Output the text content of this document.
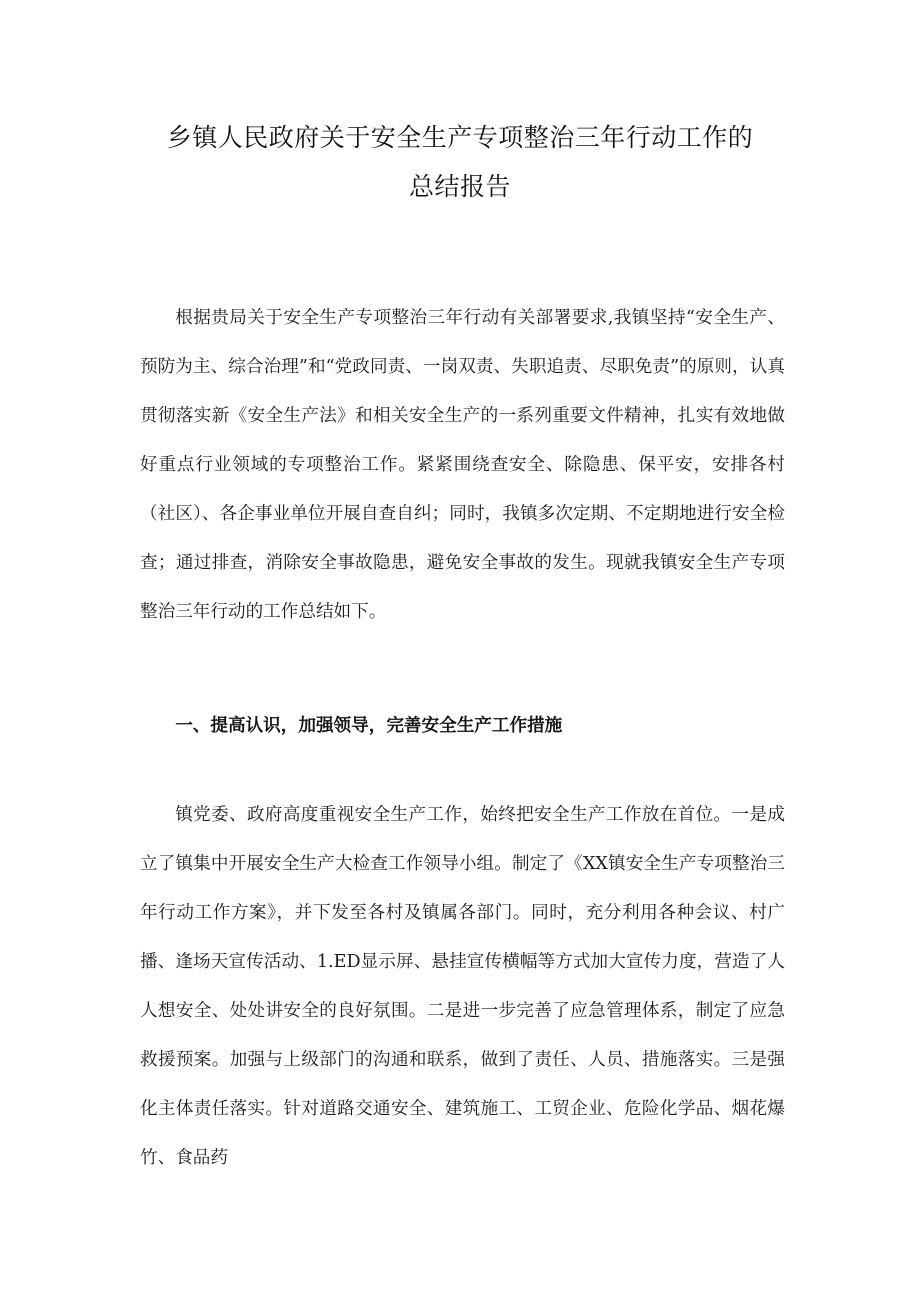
乡镇人民政府关于安全生产专项整治三年行动工作的
总结报告

根据贵局关于安全生产专项整治三年行动有关部署要求,我镇坚持“安全生产、预防为主、综合治理”和“党政同责、一岗双责、失职追责、尽职免责”的原则，认真贯彻落实新《安全生产法》和相关安全生产的一系列重要文件精神，扎实有效地做好重点行业领域的专项整治工作。紧紧围绕查安全、除隐患、保平安，安排各村（社区）、各企事业单位开展自查自纠；同时，我镇多次定期、不定期地进行安全检查；通过排查，消除安全事故隐患，避免安全事故的发生。现就我镇安全生产专项整治三年行动的工作总结如下。

一、提高认识，加强领导，完善安全生产工作措施

镇党委、政府高度重视安全生产工作，始终把安全生产工作放在首位。一是成立了镇集中开展安全生产大检查工作领导小组。制定了《XX镇安全生产专项整治三年行动工作方案》，并下发至各村及镇属各部门。同时，充分利用各种会议、村广播、逢场天宣传活动、1.ED显示屏、悬挂宣传横幅等方式加大宣传力度，营造了人人想安全、处处讲安全的良好氛围。二是进一步完善了应急管理体系，制定了应急救援预案。加强与上级部门的沟通和联系，做到了责任、人员、措施落实。三是强化主体责任落实。针对道路交通安全、建筑施工、工贸企业、危险化学品、烟花爆竹、食品药
